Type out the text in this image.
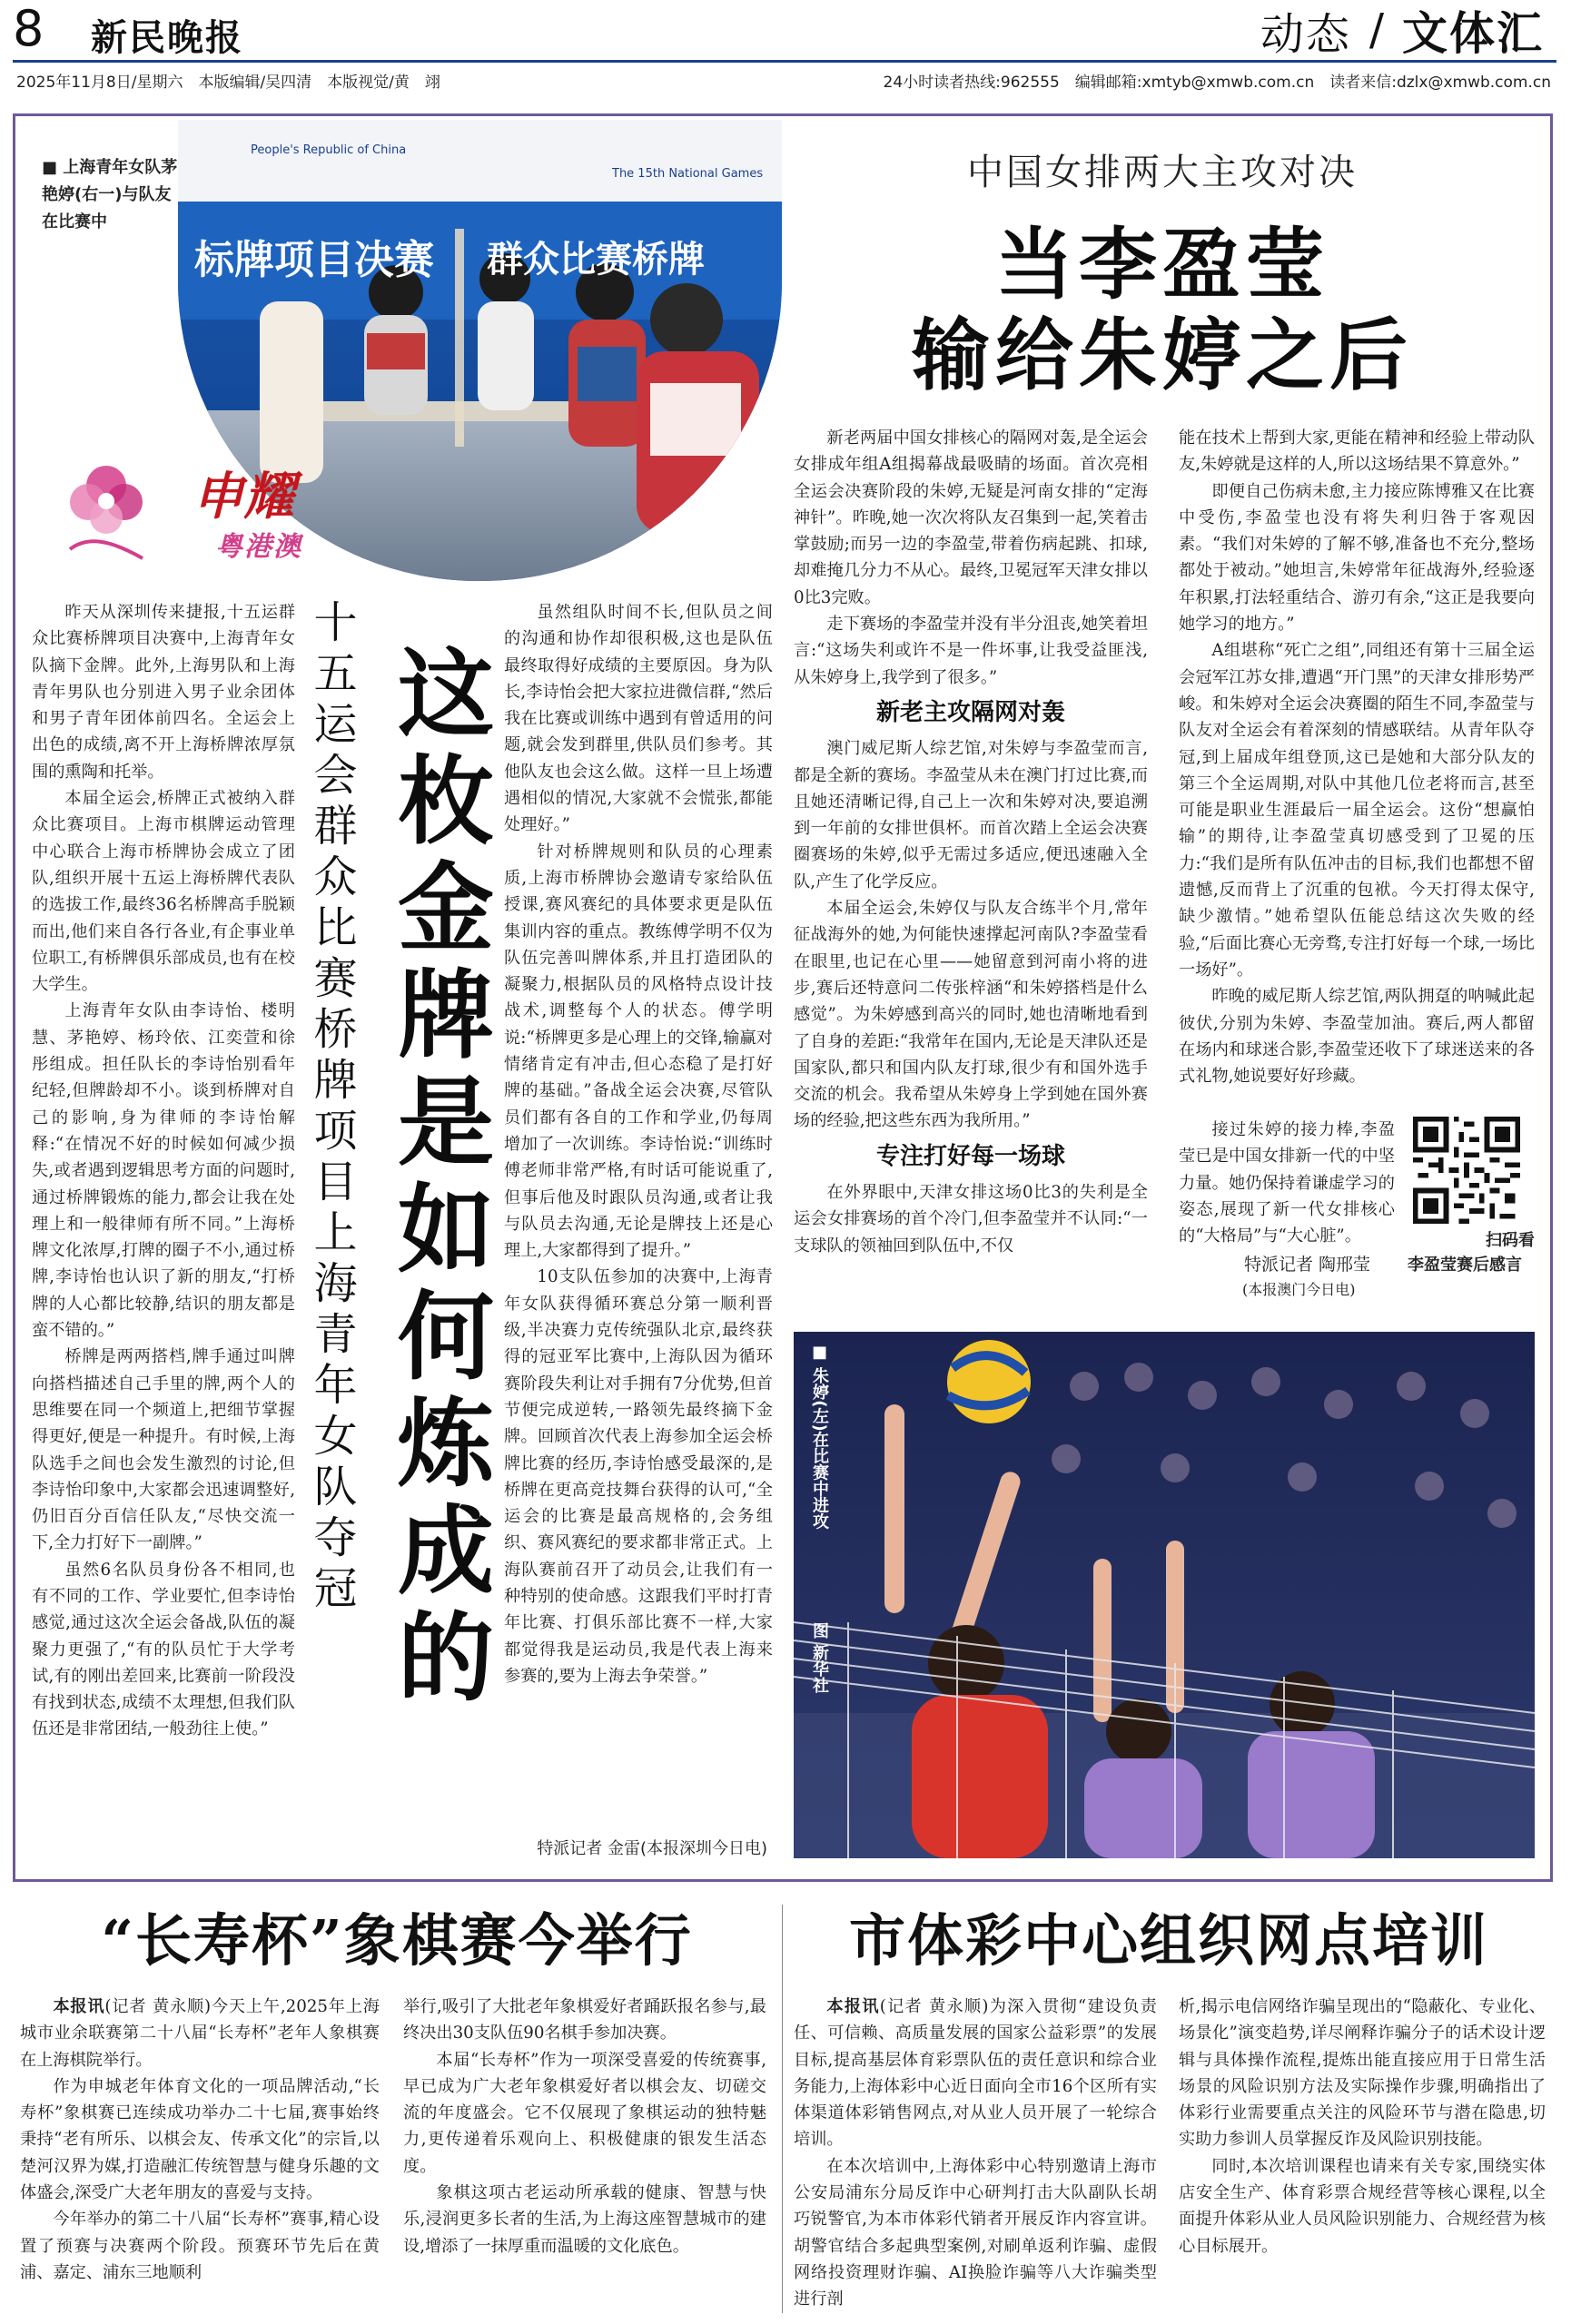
8 新民晚报	动态 / 文体汇
2025年11月8日/星期六　本版编辑/吴四清　本版视觉/黄　翊	24小时读者热线:962555　编辑邮箱:xmtyb@xmwb.com.cn　读者来信:dzlx@xmwb.com.cn
标牌项目决赛 群众比赛桥牌
People's Republic of China
The 15th National Games
■ 上海青年女队茅艳婷(右一)与队友在比赛中
申耀
粤港澳

昨天从深圳传来捷报,十五运群众比赛桥牌项目决赛中,上海青年女队摘下金牌。此外,上海男队和上海青年男队也分别进入男子业余团体和男子青年团体前四名。全运会上出色的成绩,离不开上海桥牌浓厚氛围的熏陶和托举。

本届全运会,桥牌正式被纳入群众比赛项目。上海市棋牌运动管理中心联合上海市桥牌协会成立了团队,组织开展十五运上海桥牌代表队的选拔工作,最终36名桥牌高手脱颖而出,他们来自各行各业,有企事业单位职工,有桥牌俱乐部成员,也有在校大学生。

上海青年女队由李诗怡、楼明慧、茅艳婷、杨玲依、江奕萱和徐彤组成。担任队长的李诗怡别看年纪轻,但牌龄却不小。谈到桥牌对自己的影响,身为律师的李诗怡解释:“在情况不好的时候如何减少损失,或者遇到逻辑思考方面的问题时,通过桥牌锻炼的能力,都会让我在处理上和一般律师有所不同。”上海桥牌文化浓厚,打牌的圈子不小,通过桥牌,李诗怡也认识了新的朋友,“打桥牌的人心都比较静,结识的朋友都是蛮不错的。”

桥牌是两两搭档,牌手通过叫牌向搭档描述自己手里的牌,两个人的思维要在同一个频道上,把细节掌握得更好,便是一种提升。有时候,上海队选手之间也会发生激烈的讨论,但李诗怡印象中,大家都会迅速调整好,仍旧百分百信任队友,“尽快交流一下,全力打好下一副牌。”

虽然6名队员身份各不相同,也有不同的工作、学业要忙,但李诗怡感觉,通过这次全运会备战,队伍的凝聚力更强了,“有的队员忙于大学考试,有的刚出差回来,比赛前一阶段没有找到状态,成绩不太理想,但我们队伍还是非常团结,一般劲往上使。”

十五运会群众比赛桥牌项目上海青年女队夺冠 这枚金牌是如何炼成的

虽然组队时间不长,但队员之间的沟通和协作却很积极,这也是队伍最终取得好成绩的主要原因。身为队长,李诗怡会把大家拉进微信群,“然后我在比赛或训练中遇到有曾适用的问题,就会发到群里,供队员们参考。其他队友也会这么做。这样一旦上场遭遇相似的情况,大家就不会慌张,都能处理好。”

针对桥牌规则和队员的心理素质,上海市桥牌协会邀请专家给队伍授课,赛风赛纪的具体要求更是队伍集训内容的重点。教练傅学明不仅为队伍完善叫牌体系,并且打造团队的凝聚力,根据队员的风格特点设计技战术,调整每个人的状态。傅学明说:“桥牌更多是心理上的交锋,输赢对情绪肯定有冲击,但心态稳了是打好牌的基础。”备战全运会决赛,尽管队员们都有各自的工作和学业,仍每周增加了一次训练。李诗怡说:“训练时傅老师非常严格,有时话可能说重了,但事后他及时跟队员沟通,或者让我与队员去沟通,无论是牌技上还是心理上,大家都得到了提升。”

10支队伍参加的决赛中,上海青年女队获得循环赛总分第一顺利晋级,半决赛力克传统强队北京,最终获得的冠亚军比赛中,上海队因为循环赛阶段失利让对手拥有7分优势,但首节便完成逆转,一路领先最终摘下金牌。回顾首次代表上海参加全运会桥牌比赛的经历,李诗怡感受最深的,是桥牌在更高竞技舞台获得的认可,“全运会的比赛是最高规格的,会务组织、赛风赛纪的要求都非常正式。上海队赛前召开了动员会,让我们有一种特别的使命感。这跟我们平时打青年比赛、打俱乐部比赛不一样,大家都觉得我是运动员,我是代表上海来参赛的,要为上海去争荣誉。”

特派记者 金雷(本报深圳今日电)
中国女排两大主攻对决
当李盈莹
输给朱婷之后

新老两届中国女排核心的隔网对轰,是全运会女排成年组A组揭幕战最吸睛的场面。首次亮相全运会决赛阶段的朱婷,无疑是河南女排的“定海神针”。昨晚,她一次次将队友召集到一起,笑着击掌鼓励;而另一边的李盈莹,带着伤病起跳、扣球,却难掩几分力不从心。最终,卫冕冠军天津女排以0比3完败。

走下赛场的李盈莹并没有半分沮丧,她笑着坦言:“这场失利或许不是一件坏事,让我受益匪浅,从朱婷身上,我学到了很多。”

新老主攻隔网对轰

澳门威尼斯人综艺馆,对朱婷与李盈莹而言,都是全新的赛场。李盈莹从未在澳门打过比赛,而且她还清晰记得,自己上一次和朱婷对决,要追溯到一年前的女排世俱杯。而首次踏上全运会决赛圈赛场的朱婷,似乎无需过多适应,便迅速融入全队,产生了化学反应。

本届全运会,朱婷仅与队友合练半个月,常年征战海外的她,为何能快速撑起河南队?李盈莹看在眼里,也记在心里——她留意到河南小将的进步,赛后还特意问二传张梓涵“和朱婷搭档是什么感觉”。为朱婷感到高兴的同时,她也清晰地看到了自身的差距:“我常年在国内,无论是天津队还是国家队,都只和国内队友打球,很少有和国外选手交流的机会。我希望从朱婷身上学到她在国外赛场的经验,把这些东西为我所用。”

专注打好每一场球

在外界眼中,天津女排这场0比3的失利是全运会女排赛场的首个冷门,但李盈莹并不认同:“一支球队的领袖回到队伍中,不仅

能在技术上帮到大家,更能在精神和经验上带动队友,朱婷就是这样的人,所以这场结果不算意外。”

即便自己伤病未愈,主力接应陈博雅又在比赛中受伤,李盈莹也没有将失利归咎于客观因素。“我们对朱婷的了解不够,准备也不充分,整场都处于被动。”她坦言,朱婷常年征战海外,经验逐年积累,打法轻重结合、游刃有余,“这正是我要向她学习的地方。”

A组堪称“死亡之组”,同组还有第十三届全运会冠军江苏女排,遭遇“开门黑”的天津女排形势严峻。和朱婷对全运会决赛圈的陌生不同,李盈莹与队友对全运会有着深刻的情感联结。从青年队夺冠,到上届成年组登顶,这已是她和大部分队友的第三个全运周期,对队中其他几位老将而言,甚至可能是职业生涯最后一届全运会。这份“想赢怕输”的期待,让李盈莹真切感受到了卫冕的压力:“我们是所有队伍冲击的目标,我们也都想不留遗憾,反而背上了沉重的包袱。今天打得太保守,缺少激情。”她希望队伍能总结这次失败的经验,“后面比赛心无旁骛,专注打好每一个球,一场比一场好”。

昨晚的威尼斯人综艺馆,两队拥趸的呐喊此起彼伏,分别为朱婷、李盈莹加油。赛后,两人都留在场内和球迷合影,李盈莹还收下了球迷送来的各式礼物,她说要好好珍藏。

接过朱婷的接力棒,李盈莹已是中国女排新一代的中坚力量。她仍保持着谦虚学习的姿态,展现了新一代女排核心的“大格局”与“大心脏”。	扫码看
李盈莹赛后感言
特派记者 陶邢莹
(本报澳门今日电)
■ 朱婷(左)在比赛中进攻
图 新华社
“长寿杯”象棋赛今举行

本报讯(记者 黄永顺)今天上午,2025年上海城市业余联赛第二十八届“长寿杯”老年人象棋赛在上海棋院举行。

作为申城老年体育文化的一项品牌活动,“长寿杯”象棋赛已连续成功举办二十七届,赛事始终秉持“老有所乐、以棋会友、传承文化”的宗旨,以楚河汉界为媒,打造融汇传统智慧与健身乐趣的文体盛会,深受广大老年朋友的喜爱与支持。

今年举办的第二十八届“长寿杯”赛事,精心设置了预赛与决赛两个阶段。预赛环节先后在黄浦、嘉定、浦东三地顺利

举行,吸引了大批老年象棋爱好者踊跃报名参与,最终决出30支队伍90名棋手参加决赛。

本届“长寿杯”作为一项深受喜爱的传统赛事,早已成为广大老年象棋爱好者以棋会友、切磋交流的年度盛会。它不仅展现了象棋运动的独特魅力,更传递着乐观向上、积极健康的银发生活态度。

象棋这项古老运动所承载的健康、智慧与快乐,浸润更多长者的生活,为上海这座智慧城市的建设,增添了一抹厚重而温暖的文化底色。

市体彩中心组织网点培训

本报讯(记者 黄永顺)为深入贯彻“建设负责任、可信赖、高质量发展的国家公益彩票”的发展目标,提高基层体育彩票队伍的责任意识和综合业务能力,上海体彩中心近日面向全市16个区所有实体渠道体彩销售网点,对从业人员开展了一轮综合培训。

在本次培训中,上海体彩中心特别邀请上海市公安局浦东分局反诈中心研判打击大队副队长胡巧锐警官,为本市体彩代销者开展反诈内容宣讲。胡警官结合多起典型案例,对刷单返利诈骗、虚假网络投资理财诈骗、AI换脸诈骗等八大诈骗类型进行剖

析,揭示电信网络诈骗呈现出的“隐蔽化、专业化、场景化”演变趋势,详尽阐释诈骗分子的话术设计逻辑与具体操作流程,提炼出能直接应用于日常生活场景的风险识别方法及实际操作步骤,明确指出了体彩行业需要重点关注的风险环节与潜在隐患,切实助力参训人员掌握反诈及风险识别技能。

同时,本次培训课程也请来有关专家,围绕实体店安全生产、体育彩票合规经营等核心课程,以全面提升体彩从业人员风险识别能力、合规经营为核心目标展开。
